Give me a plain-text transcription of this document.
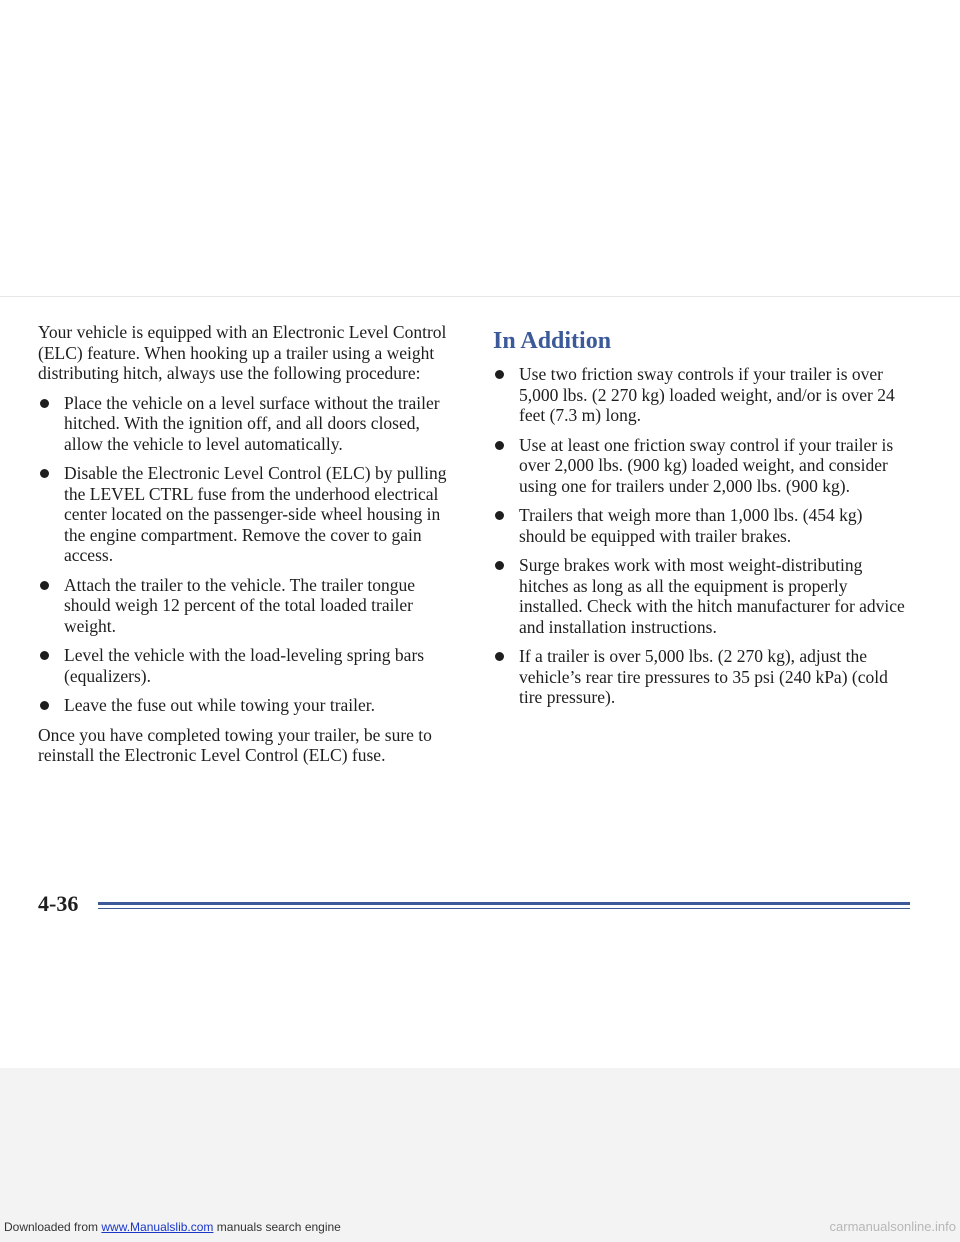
Your vehicle is equipped with an Electronic Level Control (ELC) feature. When hooking up a trailer using a weight distributing hitch, always use the following procedure:

Place the vehicle on a level surface without the trailer hitched. With the ignition off, and all doors closed, allow the vehicle to level automatically.
Disable the Electronic Level Control (ELC) by pulling the LEVEL CTRL fuse from the underhood electrical center located on the passenger-side wheel housing in the engine compartment. Remove the cover to gain access.
Attach the trailer to the vehicle. The trailer tongue should weigh 12 percent of the total loaded trailer weight.
Level the vehicle with the load-leveling spring bars (equalizers).
Leave the fuse out while towing your trailer.

Once you have completed towing your trailer, be sure to reinstall the Electronic Level Control (ELC) fuse.

In Addition
Use two friction sway controls if your trailer is over 5,000 lbs. (2 270 kg) loaded weight, and/or is over 24 feet (7.3 m) long.
Use at least one friction sway control if your trailer is over 2,000 lbs. (900 kg) loaded weight, and consider using one for trailers under 2,000 lbs. (900 kg).
Trailers that weigh more than 1,000 lbs. (454 kg) should be equipped with trailer brakes.
Surge brakes work with most weight-distributing hitches as long as all the equipment is properly installed. Check with the hitch manufacturer for advice and installation instructions.
If a trailer is over 5,000 lbs. (2 270 kg), adjust the vehicle’s rear tire pressures to 35 psi (240 kPa) (cold tire pressure).
4-36
Downloaded from www.Manualslib.com manuals search engine	carmanualsonline.info
